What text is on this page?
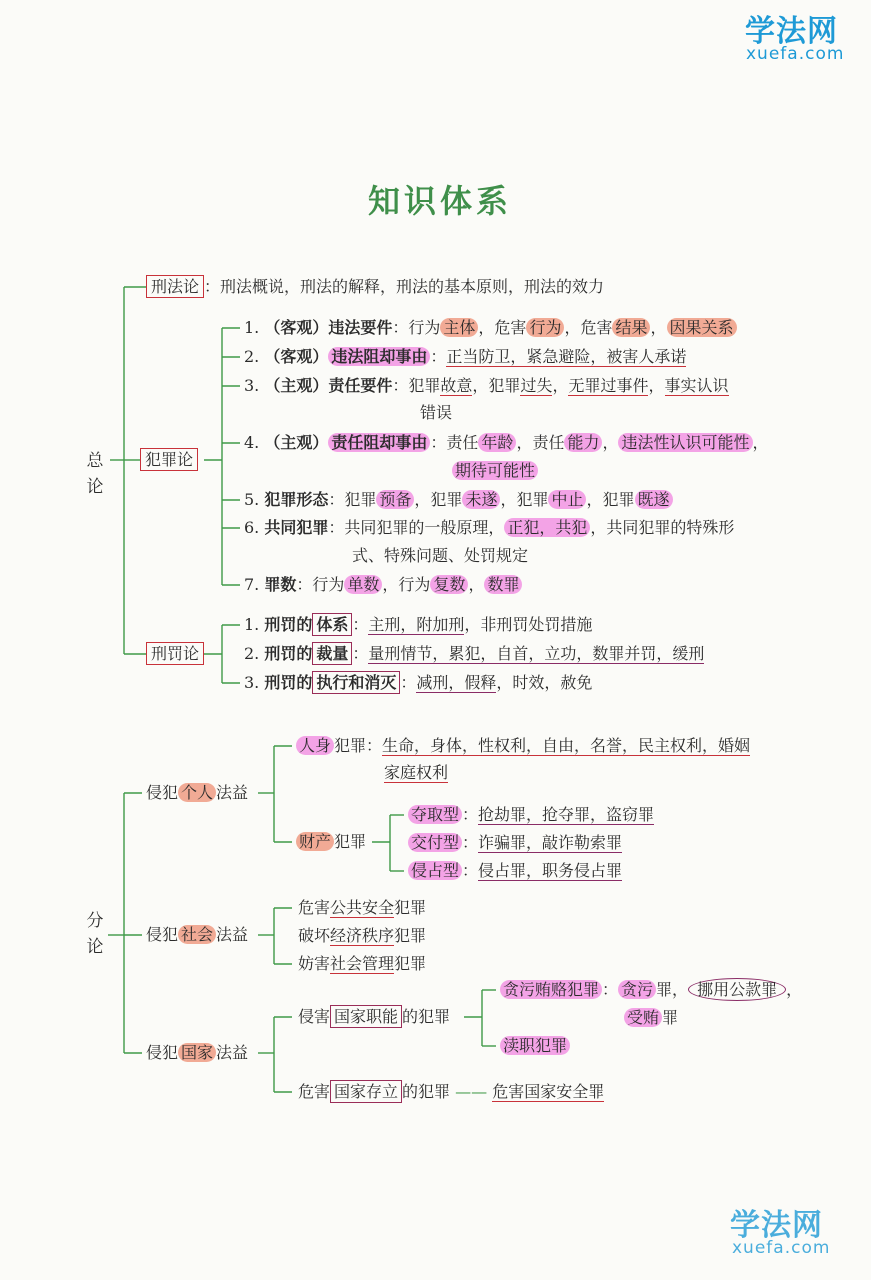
学法网
xuefa.com
学法网
xuefa.com
知识体系
总论
刑法论 ：刑法概说，刑法的解释，刑法的基本原则，刑法的效力
犯罪论
1. （客观）违法要件：行为 主体 ，危害 行为 ，危害 结果 ， 因果关系
2. （客观） 违法阻却事由 ：正当防卫，紧急避险，被害人承诺
3. （主观）责任要件：犯罪故意，犯罪过失，无罪过事件，事实认识
错误
4. （主观） 责任阻却事由 ：责任 年龄 ，责任 能力 ， 违法性认识可能性 ，
期待可能性
5. 犯罪形态：犯罪 预备 ，犯罪 未遂 ，犯罪 中止 ，犯罪 既遂
6. 共同犯罪：共同犯罪的一般原理， 正犯，共犯 ，共同犯罪的特殊形
式、特殊问题、处罚规定
7. 罪数：行为 单数 ，行为 复数 ， 数罪
刑罚论
1. 刑罚的 体系 ：主刑，附加刑，非刑罚处罚措施
2. 刑罚的 裁量 ：量刑情节，累犯，自首，立功，数罪并罚，缓刑
3. 刑罚的 执行和消灭 ：减刑，假释，时效，赦免
分论
侵犯 个人 法益
人身 犯罪：生命，身体，性权利，自由，名誉，民主权利，婚姻
家庭权利
财产 犯罪
夺取型 ：抢劫罪，抢夺罪，盗窃罪
交付型 ：诈骗罪，敲诈勒索罪
侵占型 ：侵占罪，职务侵占罪
侵犯 社会 法益
危害公共安全犯罪
破坏经济秩序犯罪
妨害社会管理犯罪
侵犯 国家 法益
侵害 国家职能 的犯罪
贪污贿赂犯罪 ： 贪污 罪， 挪用公款罪 ，
受贿 罪
渎职犯罪
危害 国家存立 的犯罪 —— 危害国家安全罪
